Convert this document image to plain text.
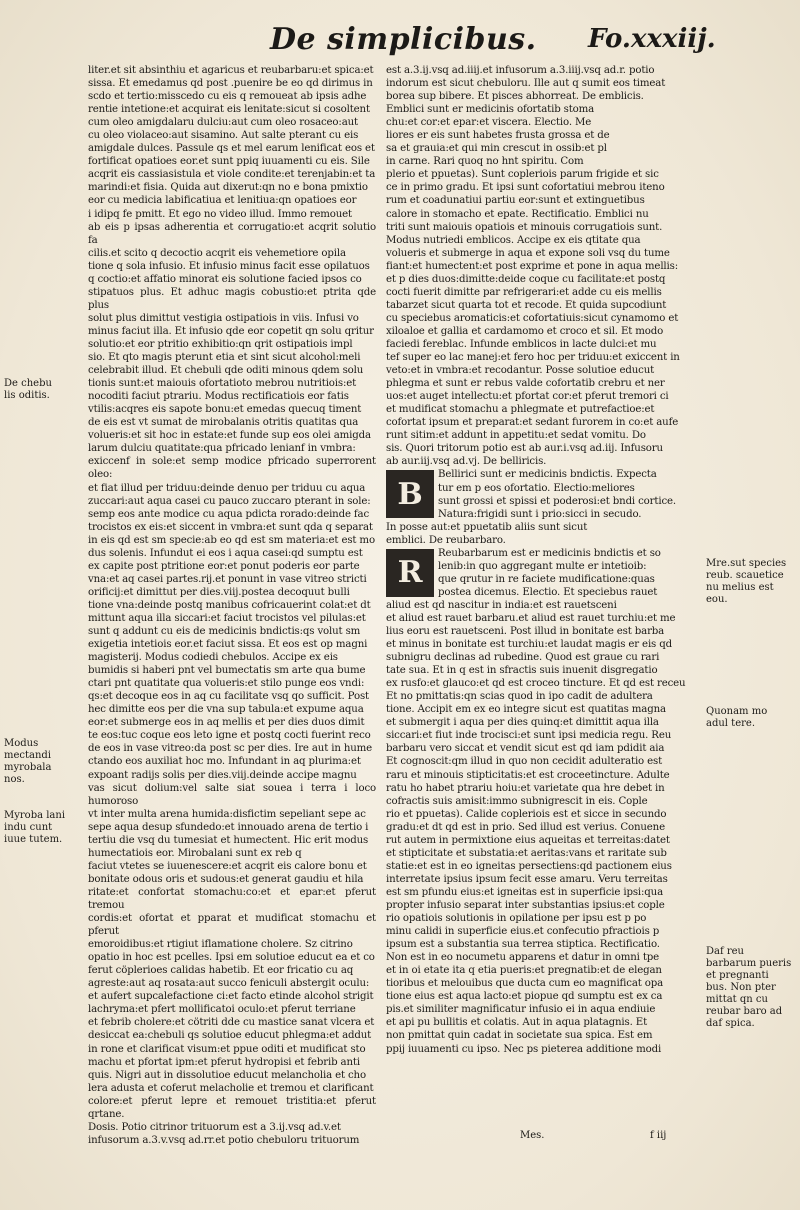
De simplicibus. Fo.xxxiij.
De chebu lis oditis.
Modus mectandi myrobala nos.
Myroba lani indu cunt iuue tutem.

liter.et sit absinthiu et agaricus et reubarbaru:et spica:et

sissa. Et emedamus qd post .puenire be eo qd dirimus in

scdo et tertio:misscedo cu eis q remoueat ab ipsis adhe

rentie intetione:et acquirat eis lenitate:sicut si cosoltent

cum oleo amigdalaru dulciu:aut cum oleo rosaceo:aut

cu oleo violaceo:aut sisamino. Aut salte pterant cu eis

amigdale dulces. Passule qs et mel earum lenificat eos et

fortificat opatioes eor.et sunt ppiq iuuamenti cu eis. Sile

acqrit eis cassiasistula et viole condite:et terenjabin:et ta

marindi:et fisia. Quida aut dixerut:qn no e bona pmixtio

eor cu medicia labificatiua et lenitiua:qn opatioes eor

i idipq fe pmitt. Et ego no video illud. Immo remouet

ab eis p ipsas adherentia et corrugatio:et acqrit solutio fa

cilis.et scito q decoctio acqrit eis vehemetiore opila

tione q sola infusio. Et infusio minus facit esse opilatuos

q coctio:et affatio minorat eis solutione facied ipsos co

stipatuos plus. Et adhuc magis cobustio:et ptrita qde plus

solut plus dimittut vestigia ostipatiois in viis. Infusi vo

minus faciut illa. Et infusio qde eor copetit qn solu qritur

solutio:et eor ptritio exhibitio:qn qrit ostipatiois impl

sio. Et qto magis pterunt etia et sint sicut alcohol:meli

celebrabit illud. Et chebuli qde oditi minous qdem solu

tionis sunt:et maiouis ofortatioto mebrou nutritiois:et

nocoditi faciut ptrariu. Modus rectificatiois eor fatis

vtilis:acqres eis sapote bonu:et emedas quecuq timent

de eis est vt sumat de mirobalanis otritis quatitas qua

volueris:et sit hoc in estate:et funde sup eos olei amigda

larum dulciu quatitate:qua pfricado lenianf in vmbra:

exiccenf in sole:et semp modice pfricado superrorent oleo:

et fiat illud per triduu:deinde denuo per triduu cu aqua

zuccari:aut aqua casei cu pauco zuccaro pterant in sole:

semp eos ante modice cu aqua pdicta rorado:deinde fac

trocistos ex eis:et siccent in vmbra:et sunt qda q separat

in eis qd est sm specie:ab eo qd est sm materia:et est mo

dus solenis. Infundut ei eos i aqua casei:qd sumptu est

ex capite post ptritione eor:et ponut poderis eor parte

vna:et aq casei partes.rij.et ponunt in vase vitreo stricti

orificij:et dimittut per dies.viij.postea decoquut bulli

tione vna:deinde postq manibus cofricauerint colat:et dt

mittunt aqua illa siccari:et faciut trocistos vel pilulas:et

sunt q addunt cu eis de medicinis bndictis:qs volut sm

exigetia intetiois eor.et faciut sissa. Et eos est op magni

magisterij. Modus codiedi chebulos. Accipe ex eis

bumidis si haberi pnt vel bumectatis sm arte qua bume

ctari pnt quatitate qua volueris:et stilo punge eos vndi:

qs:et decoque eos in aq cu facilitate vsq qo sufficit. Post

hec dimitte eos per die vna sup tabula:et expume aqua

eor:et submerge eos in aq mellis et per dies duos dimit

te eos:tuc coque eos leto igne et postq cocti fuerint reco

de eos in vase vitreo:da post sc per dies. Ire aut in hume

ctando eos auxiliat hoc mo. Infundant in aq plurima:et

expoant radijs solis per dies.viij.deinde accipe magnu

vas sicut dolium:vel salte siat souea i terra i loco humoroso

vt inter multa arena humida:disfictim sepeliant sepe ac

sepe aqua desup sfundedo:et innouado arena de tertio i

tertiu die vsq du tumesiat et humectent. Hic erit modus

humectatiois eor. Mirobalani sunt ex reb q

faciut vtetes se iuuenescere:et acqrit eis calore bonu et

bonitate odous oris et sudous:et generat gaudiu et hila

ritate:et confortat stomachu:co:et et epar:et pferut tremou

cordis:et ofortat et pparat et mudificat stomachu et pferut

emoroidibus:et rtigiut iflamatione cholere. Sz citrino

opatio in hoc est pcelles. Ipsi em solutioe educut ea et co

ferut cöplerioes calidas habetib. Et eor fricatio cu aq

agreste:aut aq rosata:aut succo feniculi abstergit oculu:

et aufert supcalefactione ci:et facto etinde alcohol strigit

lachryma:et pfert mollificatoi oculo:et pferut terriane

et febrib cholere:et cötriti dde cu mastice sanat vlcera et

desiccat ea:chebuli qs solutioe educut phlegma:et addut

in rone et clarificat visum:et ppue oditi et mudificat sto

machu et pfortat ipm:et pferut hydropisi et febrib anti

quis. Nigri aut in dissolutioe educut melancholia et cho

lera adusta et coferut melacholie et tremou et clarificant

colore:et pferut lepre et remouet tristitia:et pferut qrtane.

Dosis. Potio citrinor trituorum est a 3.ij.vsq ad.v.et

infusorum a.3.v.vsq ad.rr.et potio chebuloru trituorum

est a.3.ij.vsq ad.iiij.et infusorum a.3.iiij.vsq ad.r. potio

indorum est sicut chebuloru. Ille aut q sumit eos timeat

borea sup bibere. Et pisces abhorreat. De emblicis.

Emblici sunt er medicinis ofortatib stoma

chu:et cor:et epar:et viscera. Electio. Me

liores er eis sunt habetes frusta grossa et de

sa et grauia:et qui min crescut in ossib:et pl

in carne. Rari quoq no hnt spiritu. Com

plerio et ppuetas). Sunt copleriois parum frigide et sic

ce in primo gradu. Et ipsi sunt cofortatiui mebrou iteno

rum et coadunatiui partiu eor:sunt et extinguetibus

calore in stomacho et epate. Rectificatio. Emblici nu

triti sunt maiouis opatiois et minouis corrugatiois sunt.

Modus nutriedi emblicos. Accipe ex eis qtitate qua

volueris et submerge in aqua et expone soli vsq du tume

fiant:et humectent:et post exprime et pone in aqua mellis:

et p dies duos:dimitte:deide coque cu facilitate:et postq

cocti fuerit dimitte par refrigerari:et adde cu eis mellis

tabarzet sicut quarta tot et recode. Et quida supcodiunt

cu speciebus aromaticis:et cofortatiuis:sicut cynamomo et

xiloaloe et gallia et cardamomo et croco et sil. Et modo

faciedi fereblac. Infunde emblicos in lacte dulci:et mu

tef super eo lac manej:et fero hoc per triduu:et exiccent in

veto:et in vmbra:et recodantur. Posse solutioe educut

phlegma et sunt er rebus valde cofortatib crebru et ner

uos:et auget intellectu:et pfortat cor:et pferut tremori ci

et mudificat stomachu a phlegmate et putrefactioe:et

cofortat ipsum et preparat:et sedant furorem in co:et aufe

runt sitim:et addunt in appetitu:et sedat vomitu. Do

sis. Quori tritorum potio est ab aur.i.vsq ad.iij. Infusoru

ab aur.iij.vsq ad.vj. De belliricis.

B

Bellirici sunt er medicinis bndictis. Expecta

tur em p eos ofortatio. Electio:meliores

sunt grossi et spissi et poderosi:et bndi cortice.

Natura:frigidi sunt i prio:sicci in secudo.

In posse aut:et ppuetatib aliis sunt sicut

emblici. De reubarbaro.

R

Reubarbarum est er medicinis bndictis et so

lenib:in quo aggregant multe er intetioib:

que qrutur in re faciete mudificatione:quas

postea dicemus. Electio. Et speciebus rauet

aliud est qd nascitur in india:et est rauetsceni

et aliud est rauet barbaru.et aliud est rauet turchiu:et me

lius eoru est rauetsceni. Post illud in bonitate est barba

et minus in bonitate est turchiu:et laudat magis er eis qd

subnigru declinas ad rubedine. Quod est graue cu rari

tate sua. Et in q est in sfractis suis inuenit disgregatio

ex rusfo:et glauco:et qd est croceo tincture. Et qd est receu

Et no pmittatis:qn scias quod in ipo cadit de adultera

tione. Accipit em ex eo integre sicut est quatitas magna

et submergit i aqua per dies quinq:et dimittit aqua illa

siccari:et fiut inde trocisci:et sunt ipsi medicia regu. Reu

barbaru vero siccat et vendit sicut est qd iam pdidit aia

Et cognoscit:qm illud in quo non cecidit adulteratio est

raru et minouis stipticitatis:et est croceetincture. Adulte

ratu ho habet ptrariu hoiu:et varietate qua hre debet in

cofractis suis amisit:immo subnigrescit in eis. Cople

rio et ppuetas). Calide copleriois est et sicce in secundo

gradu:et dt qd est in prio. Sed illud est verius. Conuene

rut autem in permixtione eius aqueitas et terreitas:datet

et stipticitate et substatia:et aeritas:vans et raritate sub

statie:et est in eo igneitas persectiens:qd pactionem eius

interretate ipsius ipsum fecit esse amaru. Veru terreitas

est sm pfundu eius:et igneitas est in superficie ipsi:qua

propter infusio separat inter substantias ipsius:et cople

rio opatiois solutionis in opilatione per ipsu est p po

minu calidi in superficie eius.et confecutio pfractiois p

ipsum est a substantia sua terrea stiptica. Rectificatio.

Non est in eo nocumetu apparens et datur in omni tpe

et in oi etate ita q etia pueris:et pregnatib:et de elegan

tioribus et melouibus que ducta cum eo magnificat opa

tione eius est aqua lacto:et piopue qd sumptu est ex ca

pis.et similiter magnificatur infusio ei in aqua endiuie

et api pu bullitis et colatis. Aut in aqua platagnis. Et

non pmittat quin cadat in societate sua spica. Est em

ppij iuuamenti cu ipso. Nec ps pieterea additione modi

Mre.sut species reub. scauetice nu melius est eou.
Quonam mo adul tere.
Daf reu barbarum pueris et pregnanti bus. Non pter mittat qn cu reubar baro ad daf spica.
Mes.	f iij
